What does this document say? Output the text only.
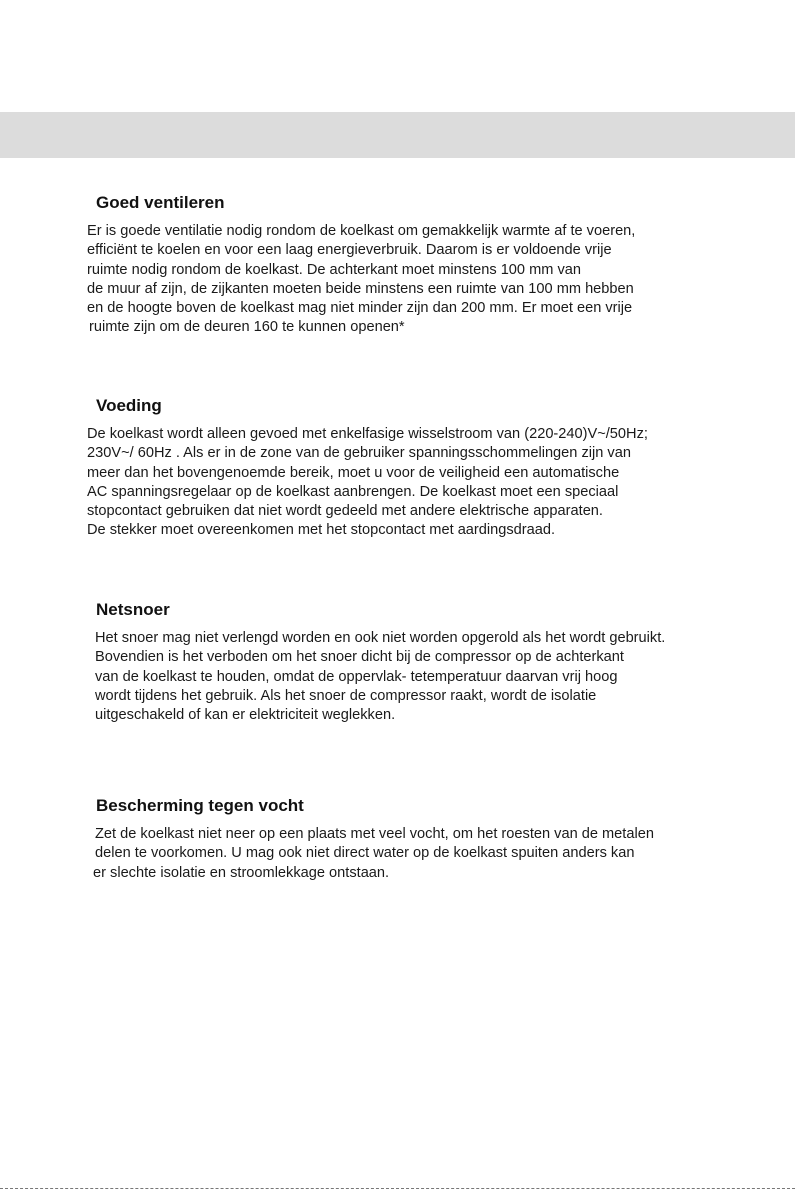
Goed ventileren
Er is goede ventilatie nodig rondom de koelkast om gemakkelijk warmte af te voeren,
efficiënt te koelen en voor een laag energieverbruik. Daarom is er voldoende vrije
ruimte nodig rondom de koelkast. De achterkant moet minstens 100 mm van
de muur af zijn, de zijkanten moeten beide minstens een ruimte van 100 mm hebben
en de hoogte boven de koelkast mag niet minder zijn dan 200 mm. Er moet een vrije
ruimte zijn om de deuren 160 te kunnen openen*
Voeding
De koelkast wordt alleen gevoed met enkelfasige wisselstroom van (220-240)V~/50Hz;
230V~/ 60Hz . Als er in de zone van de gebruiker spanningsschommelingen zijn van
meer dan het bovengenoemde bereik, moet u voor de veiligheid een automatische
AC spanningsregelaar op de koelkast aanbrengen. De koelkast moet een speciaal
stopcontact gebruiken dat niet wordt gedeeld met andere elektrische apparaten.
De stekker moet overeenkomen met het stopcontact met aardingsdraad.
Netsnoer
Het snoer mag niet verlengd worden en ook niet worden opgerold als het wordt gebruikt.
Bovendien is het verboden om het snoer dicht bij de compressor op de achterkant
van de koelkast te houden, omdat de oppervlak- tetemperatuur daarvan vrij hoog
wordt tijdens het gebruik. Als het snoer de compressor raakt, wordt de isolatie
uitgeschakeld of kan er elektriciteit weglekken.
Bescherming tegen vocht
Zet de koelkast niet neer op een plaats met veel vocht, om het roesten van de metalen
delen te voorkomen. U mag ook niet direct water op de koelkast spuiten anders kan
er slechte isolatie en stroomlekkage ontstaan.
